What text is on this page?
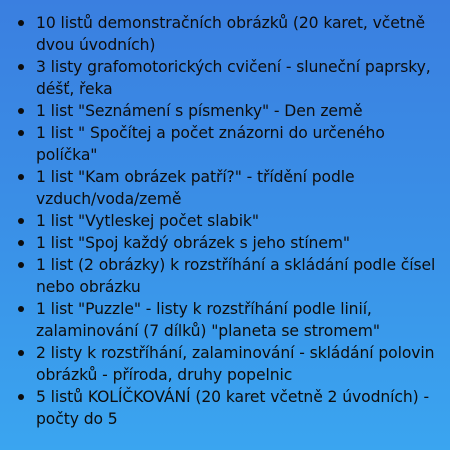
10 listů demonstračních obrázků (20 karet, včetně dvou úvodních)
3 listy grafomotorických cvičení - sluneční paprsky, déšť, řeka
1 list "Seznámení s písmenky" - Den země
1 list " Spočítej a počet znázorni do určeného políčka"
1 list "Kam obrázek patří?" - třídění podle vzduch/voda/země
1 list "Vytleskej počet slabik"
1 list "Spoj každý obrázek s jeho stínem"
1 list (2 obrázky) k rozstříhání a skládání podle čísel nebo obrázku
1 list "Puzzle" - listy k rozstříhání podle linií, zalaminování (7 dílků) "planeta se stromem"
2 listy k rozstříhání, zalaminování - skládání polovin obrázků - příroda, druhy popelnic
5 listů KOLÍČKOVÁNÍ (20 karet včetně 2 úvodních) - počty do 5
